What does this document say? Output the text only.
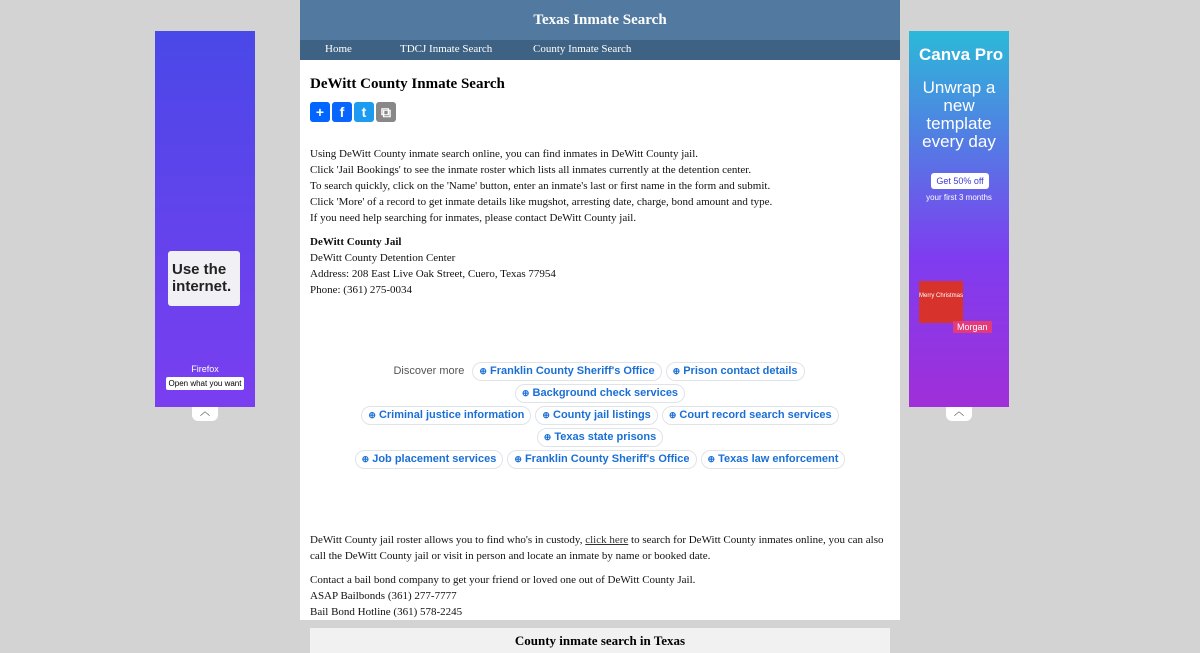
Use the internet.
Firefox
Open what you want
︿
Canva Pro
Unwrap a new template every day
Get 50% off
your first 3 months
Merry Christmas
Morgan
︿
Texas Inmate Search
Home	TDCJ Inmate Search	County Inmate Search
DeWitt County Inmate Search
+	f	t	⧉
Using DeWitt County inmate search online, you can find inmates in DeWitt County jail.
Click 'Jail Bookings' to see the inmate roster which lists all inmates currently at the detention center.
To search quickly, click on the 'Name' button, enter an inmate's last or first name in the form and submit.
Click 'More' of a record to get inmate details like mugshot, arresting date, charge, bond amount and type.
If you need help searching for inmates, please contact DeWitt County jail.
DeWitt County Jail
DeWitt County Detention Center
Address: 208 East Live Oak Street, Cuero, Texas 77954
Phone: (361) 275-0034
Discover more ⊕ Franklin County Sheriff's Office ⊕ Prison contact details⊕ Background check services
⊕ Criminal justice information ⊕ County jail listings ⊕ Court record search services⊕ Texas state prisons
⊕ Job placement services ⊕ Franklin County Sheriff's Office ⊕ Texas law enforcement

DeWitt County jail roster allows you to find who's in custody, click here to search for DeWitt County inmates online, you can also call the DeWitt County jail or visit in person and locate an inmate by name or booked date.

Contact a bail bond company to get your friend or loved one out of DeWitt County Jail.
ASAP Bailbonds (361) 277-7777
Bail Bond Hotline (361) 578-2245
County inmate search in Texas
